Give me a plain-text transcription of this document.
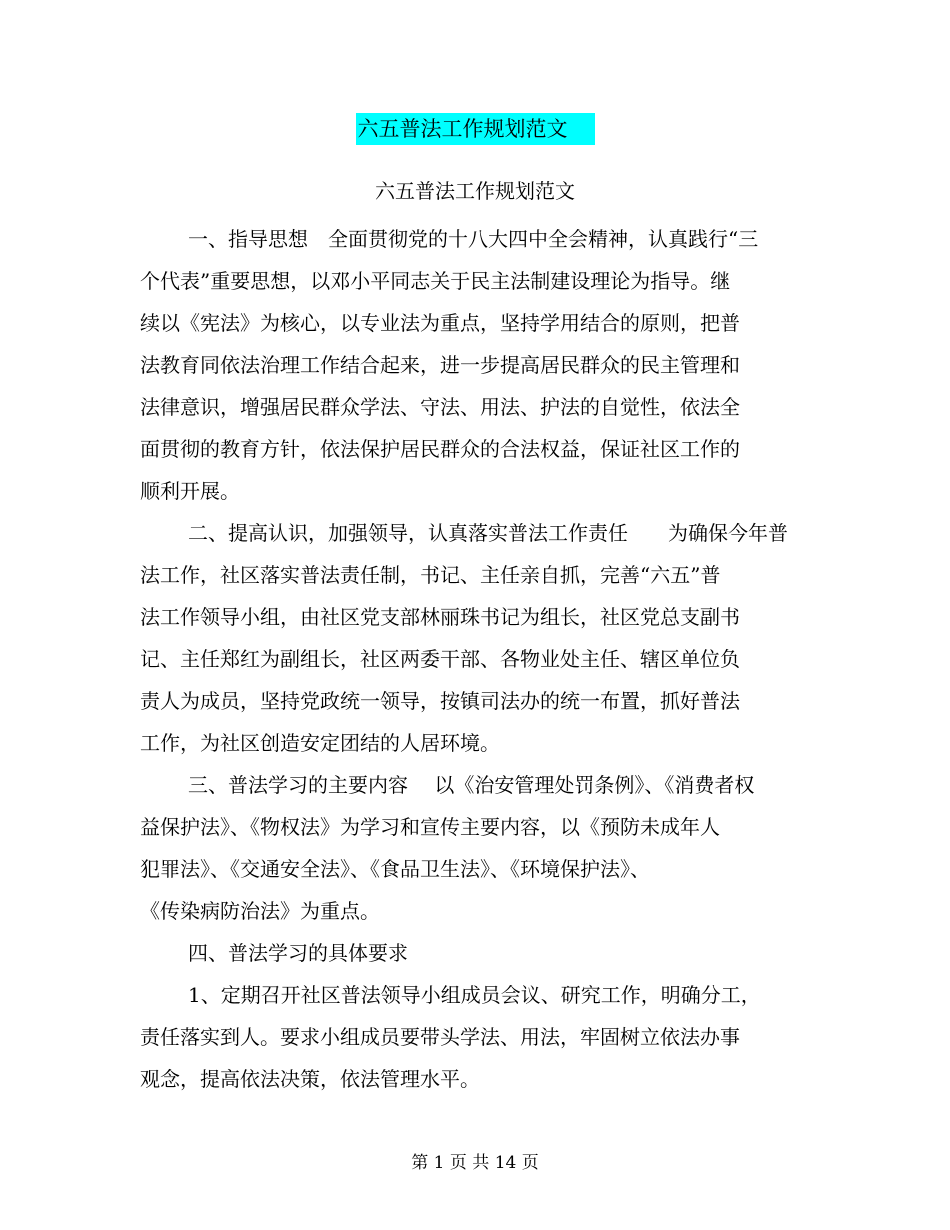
六五普法工作规划范文
六五普法工作规划范文
一、指导思想　全面贯彻党的十八大四中全会精神，认真践行“三
个代表”重要思想，以邓小平同志关于民主法制建设理论为指导。继
续以《宪法》为核心，以专业法为重点，坚持学用结合的原则，把普
法教育同依法治理工作结合起来，进一步提高居民群众的民主管理和
法律意识，增强居民群众学法、守法、用法、护法的自觉性，依法全
面贯彻的教育方针，依法保护居民群众的合法权益，保证社区工作的
顺利开展。
二、提高认识，加强领导，认真落实普法工作责任　　为确保今年普
法工作，社区落实普法责任制，书记、主任亲自抓，完善“六五”普
法工作领导小组，由社区党支部林丽珠书记为组长，社区党总支副书
记、主任郑红为副组长，社区两委干部、各物业处主任、辖区单位负
责人为成员，坚持党政统一领导，按镇司法办的统一布置，抓好普法
工作，为社区创造安定团结的人居环境。
三、普法学习的主要内容　 以《治安管理处罚条例》、《消费者权
益保护法》、《物权法》为学习和宣传主要内容，以《预防未成年人
犯罪法》、《交通安全法》、《食品卫生法》、《环境保护法》、
《传染病防治法》为重点。
四、普法学习的具体要求
1、定期召开社区普法领导小组成员会议、研究工作，明确分工，
责任落实到人。要求小组成员要带头学法、用法，牢固树立依法办事
观念，提高依法决策，依法管理水平。
第 1 页 共 14 页
